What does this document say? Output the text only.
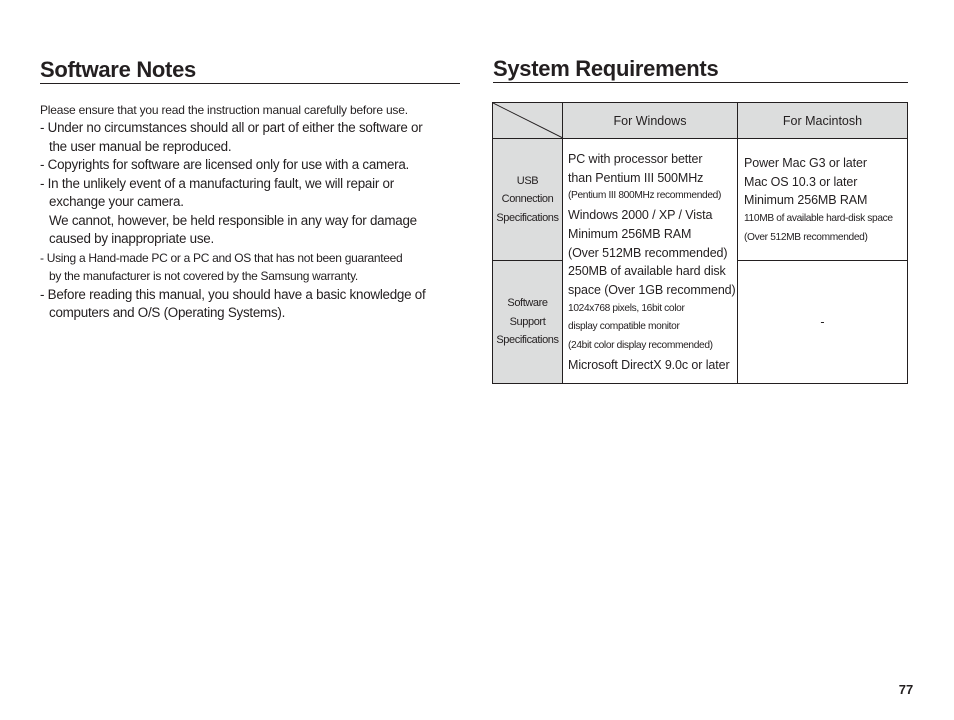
Software Notes
Please ensure that you read the instruction manual carefully before use.
- Under no circumstances should all or part of either the software or
the user manual be reproduced.
- Copyrights for software are licensed only for use with a camera.
- In the unlikely event of a manufacturing fault, we will repair or
exchange your camera.
We cannot, however, be held responsible in any way for damage
caused by inappropriate use.
- Using a Hand-made PC or a PC and OS that has not been guaranteed
by the manufacturer is not covered by the Samsung warranty.
- Before reading this manual, you should have a basic knowledge of
computers and O/S (Operating Systems).
System Requirements
For Windows	For Macintosh
USB
Connection
Specifications
Software
Support
Specifications
PC with processor better
than Pentium III 500MHz
(Pentium III 800MHz recommended)
Windows 2000 / XP / Vista
Minimum 256MB RAM
(Over 512MB recommended)
250MB of available hard disk
space (Over 1GB recommend)
1024x768 pixels, 16bit color
display compatible monitor
(24bit color display recommended)
Microsoft DirectX 9.0c or later
Power Mac G3 or later
Mac OS 10.3 or later
Minimum 256MB RAM
110MB of available hard-disk space
(Over 512MB recommended)
-
77
